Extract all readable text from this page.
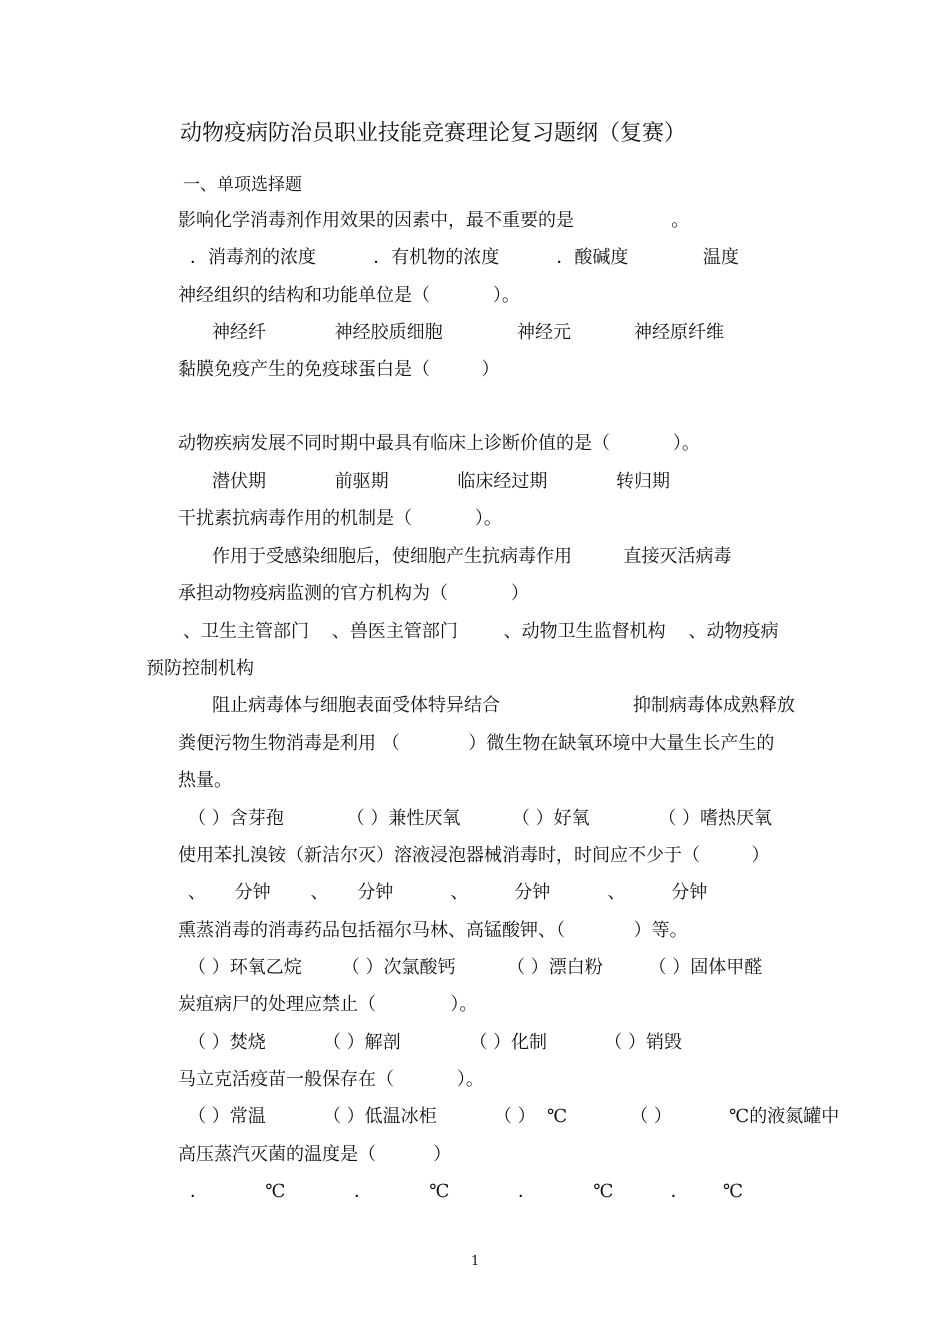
动物疫病防治员职业技能竞赛理论复习题纲（复赛）
一、单项选择题
影响化学消毒剂作用效果的因素中，最不重要的是                 。
．消毒剂的浓度          ．有机物的浓度          ．酸碱度             温度
神经组织的结构和功能单位是（           ）。
神经纤            神经胶质细胞             神经元           神经原纤维
黏膜免疫产生的免疫球蛋白是（         ）
动物疾病发展不同时期中最具有临床上诊断价值的是（           ）。
潜伏期            前驱期            临床经过期            转归期
干扰素抗病毒作用的机制是（           ）。
作用于受感染细胞后，使细胞产生抗病毒作用         直接灭活病毒
承担动物疫病监测的官方机构为（           ）
、卫生主管部门    、兽医主管部门        、动物卫生监督机构    、动物疫病
预防控制机构
阻止病毒体与细胞表面受体特异结合	抑制病毒体成熟释放
粪便污物生物消毒是利用 （            ）微生物在缺氧环境中大量生长产生的
热量。
（ ）含芽孢           （ ）兼性厌氧         （ ）好氧            （ ）嗜热厌氧
使用苯扎溴铵（新洁尔灭）溶液浸泡器械消毒时，时间应不少于（         ）
、     分钟       、     分钟          、        分钟          、        分钟
熏蒸消毒的消毒药品包括福尔马林、高锰酸钾、（            ）等。
（ ）环氧乙烷       （ ）次氯酸钙         （ ）漂白粉        （ ）固体甲醛
炭疽病尸的处理应禁止（             ）。
（ ）焚烧          （ ）解剖            （ ）化制          （ ）销毁
马立克活疫苗一般保存在（           ）。
（ ）常温          （ ）低温冰柜          （ ）  ℃           （ ）          ℃的液氮罐中
高压蒸汽灭菌的温度是（          ）
．          ℃            ．          ℃            ．          ℃          ．      ℃
1
